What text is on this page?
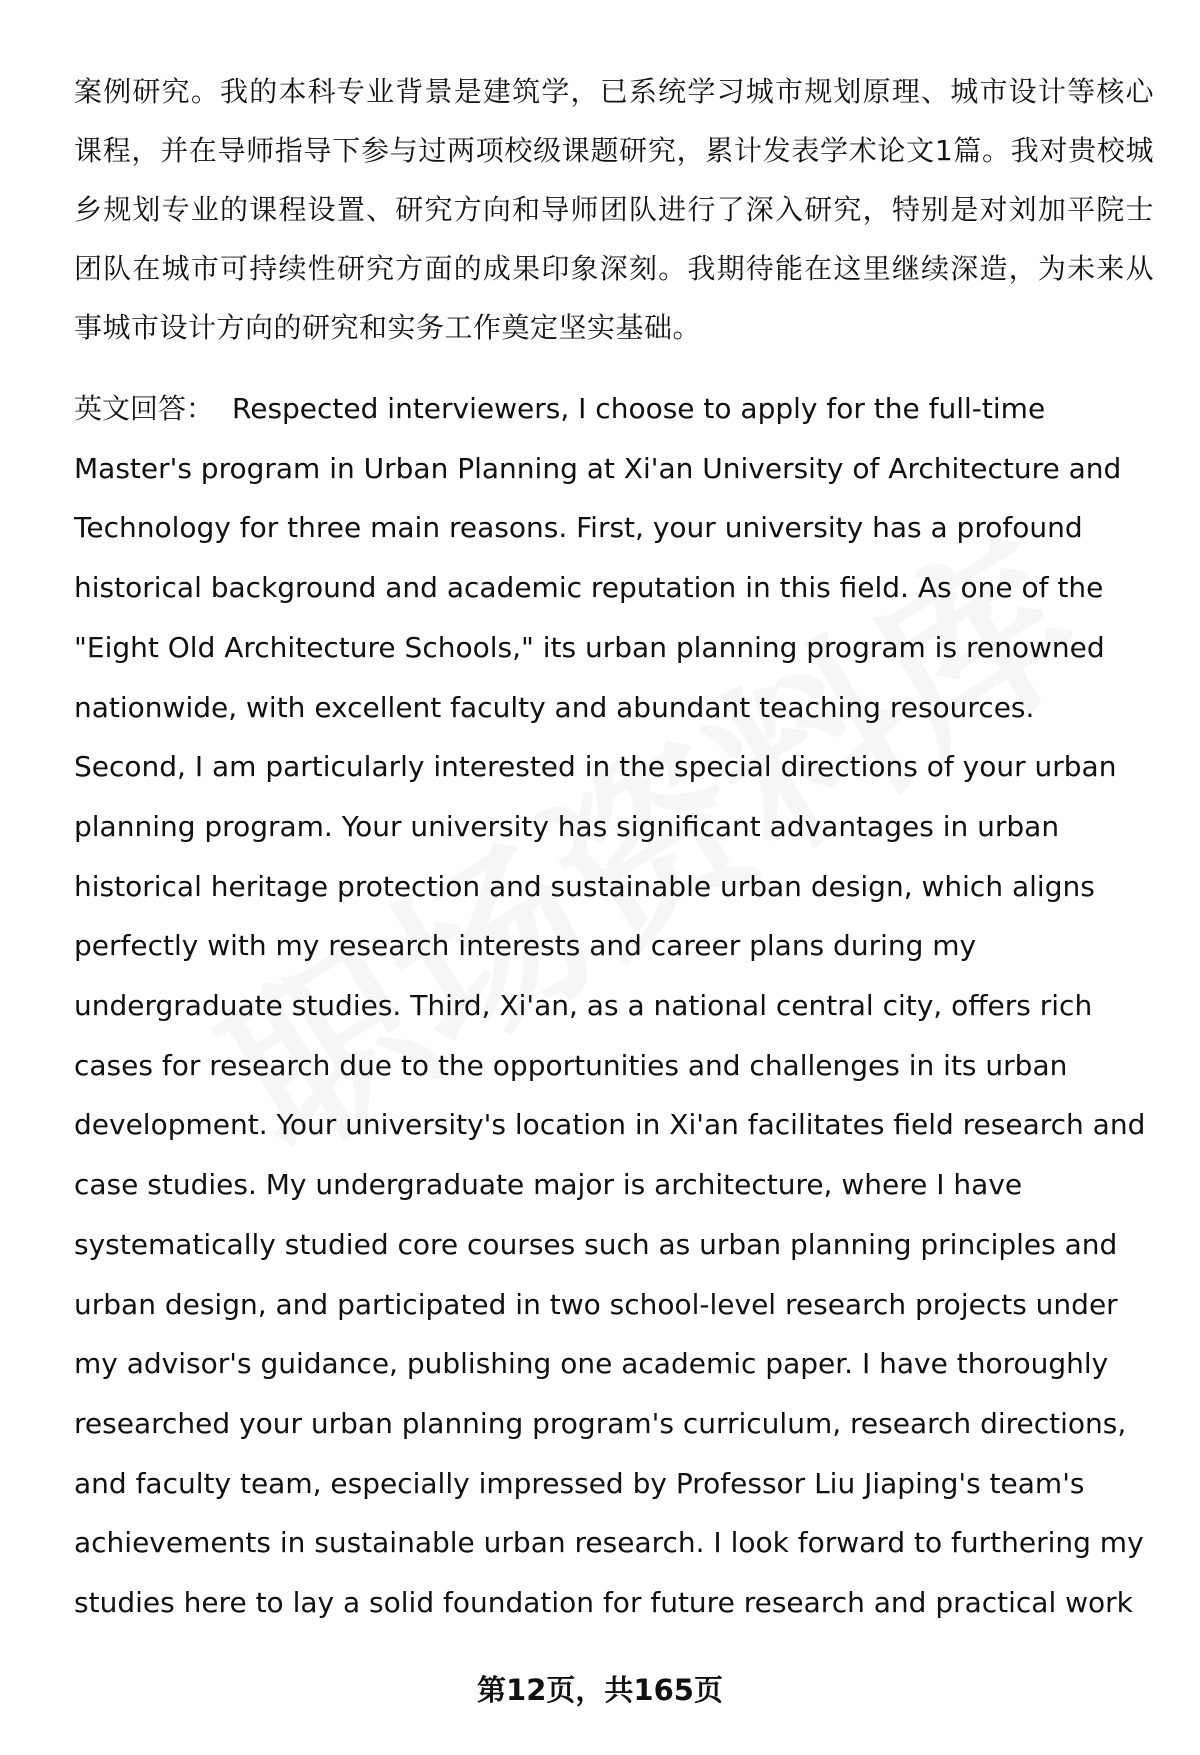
案例研究。我的本科专业背景是建筑学，已系统学习城市规划原理、城市设计等核心课程，并在导师指导下参与过两项校级课题研究，累计发表学术论文1篇。我对贵校城乡规划专业的课程设置、研究方向和导师团队进行了深入研究，特别是对刘加平院士团队在城市可持续性研究方面的成果印象深刻。我期待能在这里继续深造，为未来从事城市设计方向的研究和实务工作奠定坚实基础。

英文回答： Respected interviewers, I choose to apply for the full-time Master's program in Urban Planning at Xi'an University of Architecture and Technology for three main reasons. First, your university has a profound historical background and academic reputation in this field. As one of the "Eight Old Architecture Schools," its urban planning program is renowned nationwide, with excellent faculty and abundant teaching resources. Second, I am particularly interested in the special directions of your urban planning program. Your university has significant advantages in urban historical heritage protection and sustainable urban design, which aligns perfectly with my research interests and career plans during my undergraduate studies. Third, Xi'an, as a national central city, offers rich cases for research due to the opportunities and challenges in its urban development. Your university's location in Xi'an facilitates field research and case studies. My undergraduate major is architecture, where I have systematically studied core courses such as urban planning principles and urban design, and participated in two school-level research projects under my advisor's guidance, publishing one academic paper. I have thoroughly researched your urban planning program's curriculum, research directions, and faculty team, especially impressed by Professor Liu Jiaping's team's achievements in sustainable urban research. I look forward to furthering my studies here to lay a solid foundation for future research and practical work

第12页，共165页
